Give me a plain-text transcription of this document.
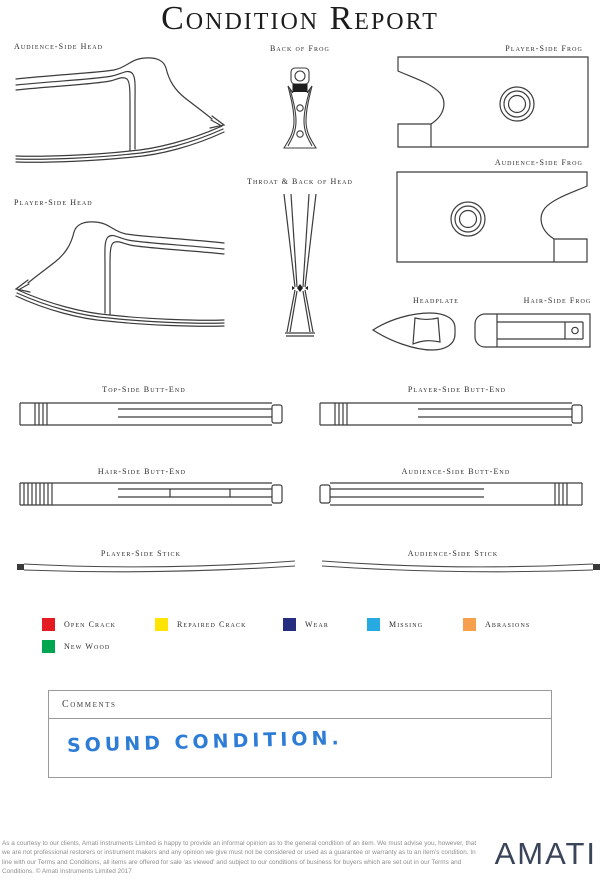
Condition Report
Audience-Side Head	Back of Frog	Player-Side Frog
Audience-Side Frog
Player-Side Head
Throat & Back of Head
Headplate	Hair-Side Frog
Top-Side Butt-End	Player-Side Butt-End
Hair-Side Butt-End	Audience-Side Butt-End
Player-Side Stick	Audience-Side Stick
Open Crack	Repaired Crack	Wear	Missing	Abrasions
New Wood
Comments
SOUND CONDITION.
As a courtesy to our clients, Amati Instruments Limited is happy to provide an informal opinion as to the general condition of an item. We must advise you, however, that we are not professional restorers or instrument makers and any opinion we give must not be considered or used as a guarantee or warranty as to an item's condition. In line with our Terms and Conditions, all items are offered for sale 'as viewed' and subject to our conditions of business for buyers which are set out in our Terms and Conditions. © Amati Instruments Limited 2017
AMATI
